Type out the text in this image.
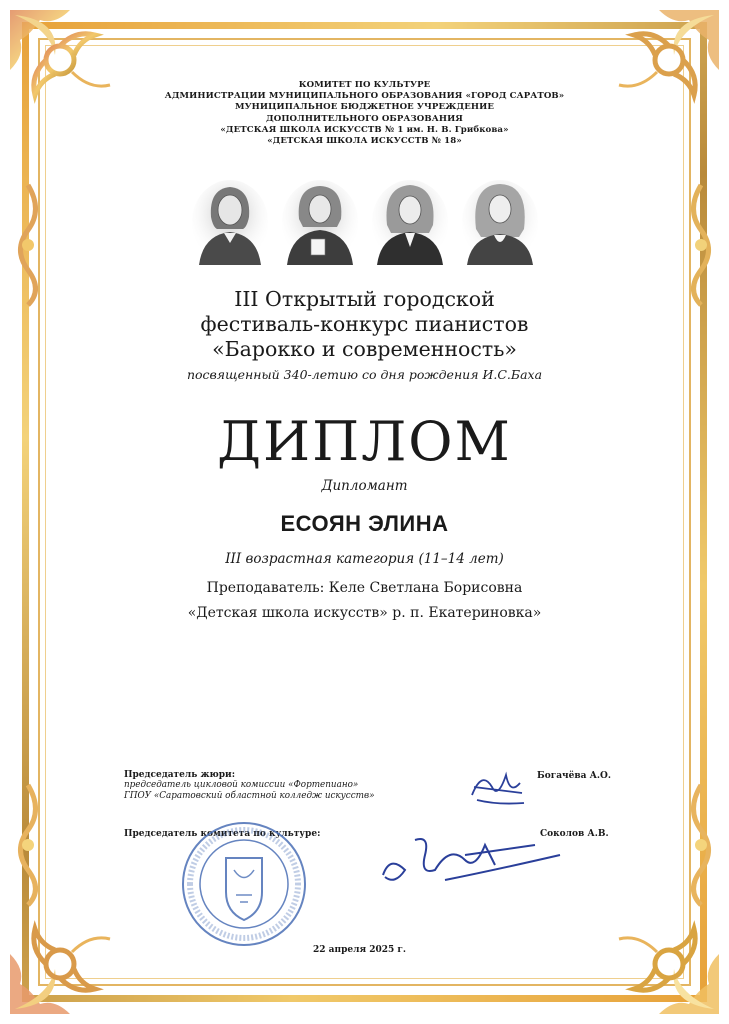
КОМИТЕТ ПО КУЛЬТУРЕ
АДМИНИСТРАЦИИ МУНИЦИПАЛЬНОГО ОБРАЗОВАНИЯ «ГОРОД САРАТОВ»
МУНИЦИПАЛЬНОЕ БЮДЖЕТНОЕ УЧРЕЖДЕНИЕ
ДОПОЛНИТЕЛЬНОГО ОБРАЗОВАНИЯ
«ДЕТСКАЯ ШКОЛА ИСКУССТВ № 1 им. Н. В. Грибкова»
«ДЕТСКАЯ ШКОЛА ИСКУССТВ № 18»
III Открытый городской
фестиваль-конкурс пианистов
«Барокко и современность»
посвященный 340-летию со дня рождения И.С.Баха
ДИПЛОМ
Дипломант
ЕСОЯН ЭЛИНА
III возрастная категория (11–14 лет)
Преподаватель: Келе Светлана Борисовна
«Детская школа искусств» р. п. Екатериновка»
Председатель жюри:
председатель цикловой комиссии «Фортепиано»
ГПОУ «Саратовский областной колледж искусств»
Богачёва А.О.
Председатель комитета по культуре:	Соколов А.В.
22 апреля 2025 г.
